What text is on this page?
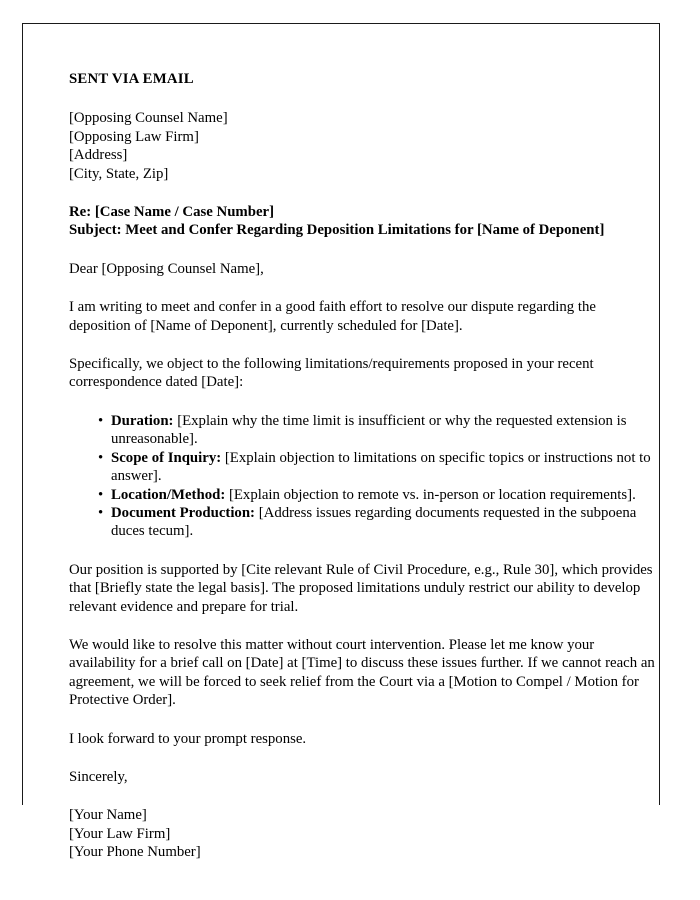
SENT VIA EMAIL
[Opposing Counsel Name]
[Opposing Law Firm]
[Address]
[City, State, Zip]
Re: [Case Name / Case Number]
Subject: Meet and Confer Regarding Deposition Limitations for [Name of Deponent]
Dear [Opposing Counsel Name],

I am writing to meet and confer in a good faith effort to resolve our dispute regarding the deposition of [Name of Deponent], currently scheduled for [Date].

Specifically, we object to the following limitations/requirements proposed in your recent correspondence dated [Date]:

• Duration: [Explain why the time limit is insufficient or why the requested extension is unreasonable].
• Scope of Inquiry: [Explain objection to limitations on specific topics or instructions not to answer].
• Location/Method: [Explain objection to remote vs. in-person or location requirements].
• Document Production: [Address issues regarding documents requested in the subpoena duces tecum].

Our position is supported by [Cite relevant Rule of Civil Procedure, e.g., Rule 30], which provides that [Briefly state the legal basis]. The proposed limitations unduly restrict our ability to develop relevant evidence and prepare for trial.

We would like to resolve this matter without court intervention. Please let me know your availability for a brief call on [Date] at [Time] to discuss these issues further. If we cannot reach an agreement, we will be forced to seek relief from the Court via a [Motion to Compel / Motion for Protective Order].

I look forward to your prompt response.
Sincerely,
[Your Name]
[Your Law Firm]
[Your Phone Number]
